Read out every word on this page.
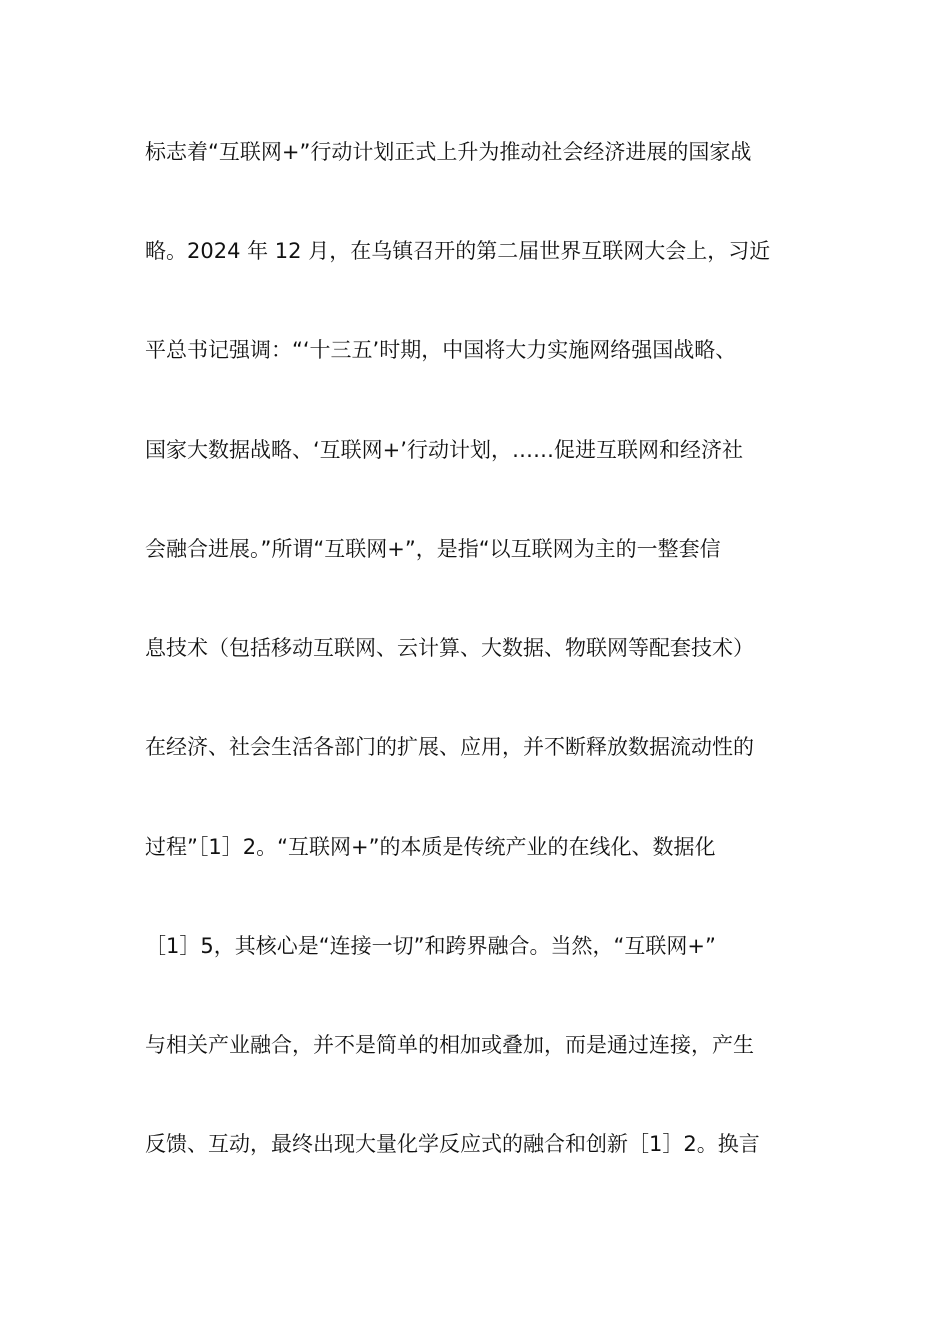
标志着“互联网+”行动计划正式上升为推动社会经济进展的国家战
略。2024 年 12 月，在乌镇召开的第二届世界互联网大会上，习近
平总书记强调：“‘十三五’时期，中国将大力实施网络强国战略、
国家大数据战略、‘互联网+’行动计划，……促进互联网和经济社
会融合进展。”所谓“互联网+”，是指“以互联网为主的一整套信
息技术（包括移动互联网、云计算、大数据、物联网等配套技术）
在经济、社会生活各部门的扩展、应用，并不断释放数据流动性的
过程”［1］2。“互联网+”的本质是传统产业的在线化、数据化
［1］5，其核心是“连接一切”和跨界融合。当然，“互联网+”
与相关产业融合，并不是简单的相加或叠加，而是通过连接，产生
反馈、互动，最终出现大量化学反应式的融合和创新［1］2。换言
